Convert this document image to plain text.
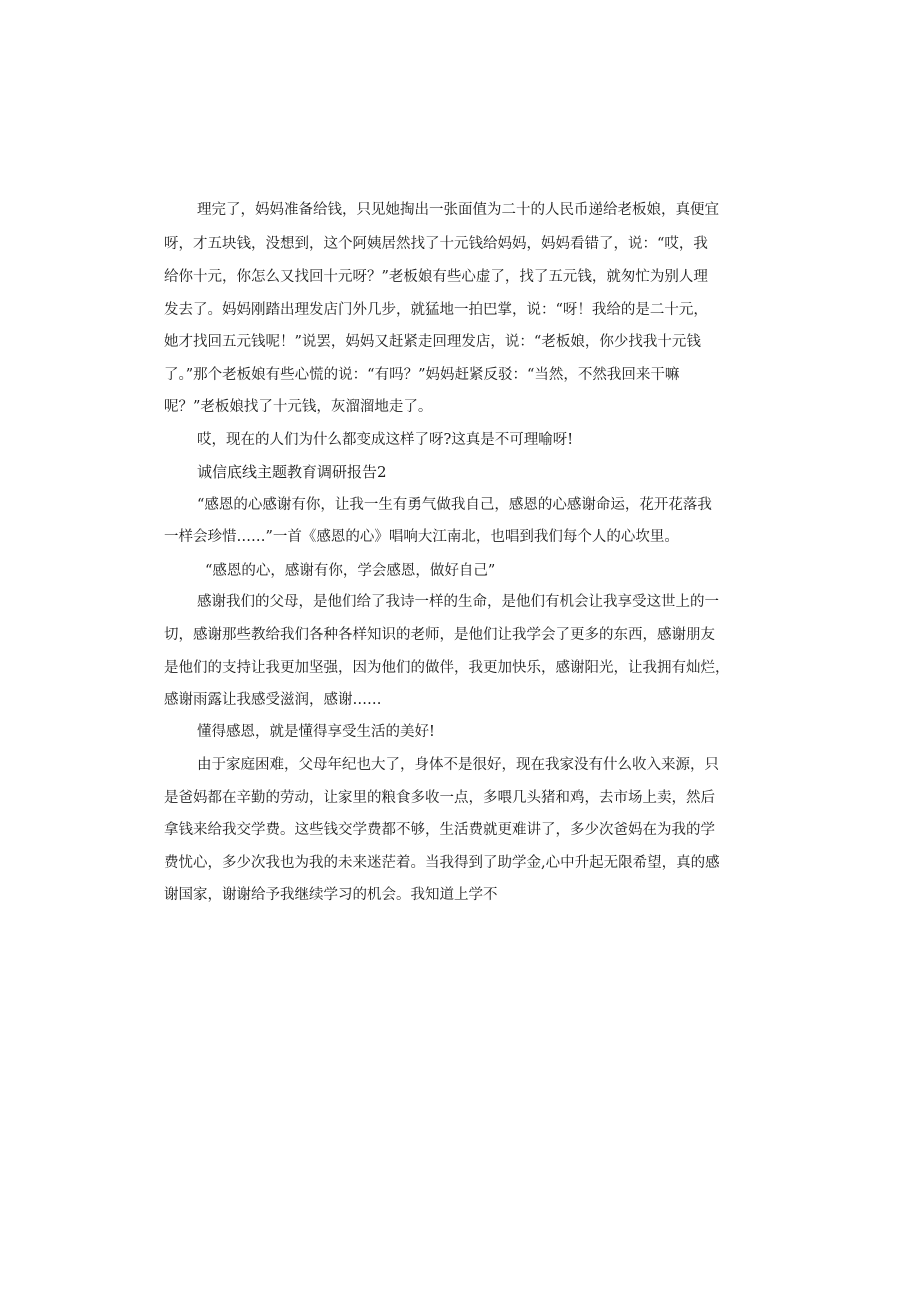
理完了，妈妈准备给钱，只见她掏出一张面值为二十的人民币递给老板娘，真便宜

呀，才五块钱，没想到，这个阿姨居然找了十元钱给妈妈，妈妈看错了，说：“哎，我

给你十元，你怎么又找回十元呀？”老板娘有些心虚了，找了五元钱，就匆忙为别人理

发去了。妈妈刚踏出理发店门外几步，就猛地一拍巴掌，说：“呀！我给的是二十元，

她才找回五元钱呢！”说罢，妈妈又赶紧走回理发店，说：“老板娘，你少找我十元钱

了。”那个老板娘有些心慌的说：“有吗？”妈妈赶紧反驳：“当然，不然我回来干嘛

呢？”老板娘找了十元钱，灰溜溜地走了。

哎，现在的人们为什么都变成这样了呀?这真是不可理喻呀!

诚信底线主题教育调研报告2

“感恩的心感谢有你，让我一生有勇气做我自己，感恩的心感谢命运，花开花落我

一样会珍惜……”一首《感恩的心》唱响大江南北，也唱到我们每个人的心坎里。

“感恩的心，感谢有你，学会感恩，做好自己”

感谢我们的父母，是他们给了我诗一样的生命，是他们有机会让我享受这世上的一

切，感谢那些教给我们各种各样知识的老师，是他们让我学会了更多的东西，感谢朋友

是他们的支持让我更加坚强，因为他们的做伴，我更加快乐，感谢阳光，让我拥有灿烂，

感谢雨露让我感受滋润，感谢……

懂得感恩，就是懂得享受生活的美好!

由于家庭困难，父母年纪也大了，身体不是很好，现在我家没有什么收入来源，只

是爸妈都在辛勤的劳动，让家里的粮食多收一点，多喂几头猪和鸡，去市场上卖，然后

拿钱来给我交学费。这些钱交学费都不够，生活费就更难讲了，多少次爸妈在为我的学

费忧心，多少次我也为我的未来迷茫着。当我得到了助学金,心中升起无限希望，真的感

谢国家，谢谢给予我继续学习的机会。我知道上学不
